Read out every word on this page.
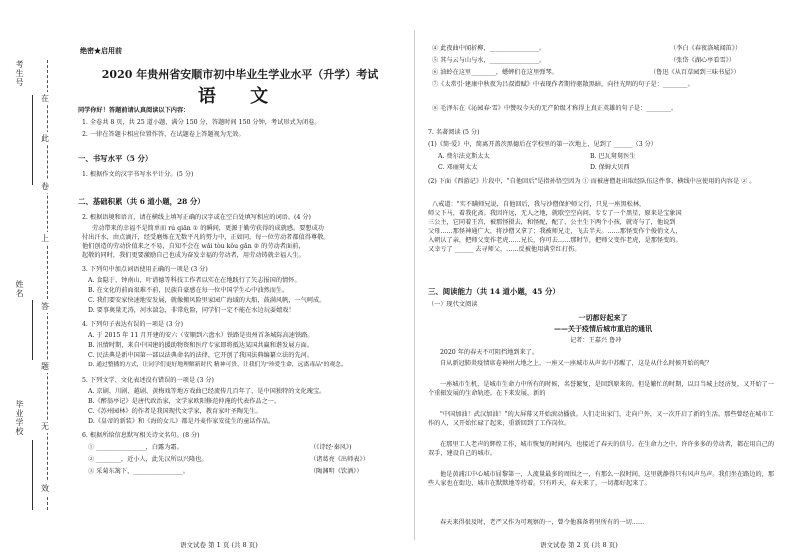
考生号
姓名
毕业学校
在
此
卷
上
答
题
无
效
绝密★启用前
2020 年贵州省安顺市初中毕业生学业水平（升学）考试
语 文
同学你好！答题前请认真阅读以下内容：
1. 全卷共 8 页，共 25 道小题，满分 150 分，答题时间 150 分钟，考试形式为闭卷。
2. 一律在答题卡相应位置作答，在试题卷上答题视为无效。
一、书写水平（5 分）
1. 根据作文的汉字书写水平计分。(5 分)
二、基础积累（共 6 道小题，28 分）
2. 根据语境和语言，请在横线上填写正确的汉字或在空白处填写相应的词语。(4 分)
劳动带来的幸福不是简单而 rú qiān ① 的瞬间，更源于勤劳获得的成就感。要想成功
付出汗水，由点滴汗，经受磨炼在无数平凡的努力中，正如同，每一位劳动者都值得尊敬。
他们创造的劳动价值来之不易，自知不会在 wǎi tòu kǒu gǎn ② 的劳动者面前，
起敬的同时，我们更要激励自己也成为奋发幸福的劳动者，用劳动铸就幸福人生。
3. 下列句中加点词语使用正确的一项是 (3 分)
A. 食隐于、钟南山，叶谱德等科技工作者以实在在地践行了矢志报国的情怀。
B. 在文化的前面很难不前，民族自豪感在每一位中国学生心中油然而生。
C. 我们要安家快速地安发展，就像搬风险里家园广海域的大船，鼓满风帆，一气呵成。
D. 要事奥量无涛，河水湍急，非常危险，同学们一定不能在水边玩耍嬉戏！
4. 下列句子表达有误的一项是 (3 分)
A. 于 2015 年 11 月开建的安六（安顺到六盘水）铁路是贵州首条城际高速铁路。
B. 汛情时期，来自中国建的援助物资和医疗专家即将抵达某国共赢和谐发展方面。
C. 民法典是新中国第一部以法典命名的法律，它开创了我国法典编纂立法的先河。
D. 通过整播的方式，让同学们更好地理解新时代 精神可贵，让我们为"珍爱生命，远离毒品"的观念。
5. 下列文学、文化表述没有错误的一项是 (3 分)
A. 京剧、川剧、越剧、黄梅戏等地方戏曲已经流传几百年了，是中国独特的文化瑰宝。
B.《醉翁亭记》是唐代政治家，文学家欧阳修范仲淹的代表作品之一。
C.《苏州园林》的作者是我国现代文学家，教育家叶圣陶先生。
D.《皇帝的新装》和《海的女儿》都是丹麦作家安徒生的童话作品。
6. 根据所给信息默写相关诗文名句。(8 分)
① ________________，白露为霜。	（《诗经·秦风》)
② ________，近小人，此先汉所以兴隆也。	（诸葛亮《出师表》）
③ 采菊东篱下，________________。	（陶渊明《饮酒》）
语文试卷 第 1 页 (共 8 页)
④ 此夜曲中闻折柳，________________。	（李白《春夜洛城闻笛》）
⑤ 其与云与山与水，________________。	（张岱《湖心亭看雪》）
⑥ 油蛉在这里________，蟋蟀们在这里弹琴。	（鲁迅《从百草园到三味书屋》）
⑦《太常引·建康中秋夜为吕叔潜赋》中表现作者期待驱散黑暗，向往光明的句子是：________。
⑧ 毛泽东在《沁园春·雪》中赞叹今天的无产阶级才称得上真正英雄的句子是：________。
7. 名著阅读 (5 分)
(1)《简·爱》中，简离开盖茨黑德后在学校里的第一次地上，见到了 ______（3 分）
A. 费尔法克斯太太	B. 巴瓦舅舅医生
C. 邓丽舅太太	D. 保姆大贝西
(2) 下面《西游记》片段中，"自他回后"是指孙悟空因为 ① 而被唐僧赶出取经队伍这件事，横线中应使用的内容是 ② 。
八戒道："实不瞒师兄说，自他回后，我与沙僧保护师父行，只见一座黑松林，
师父下马，着我化斋。我因许远，无人之地，就歇空空向问，专专了一个黑星，原来是宝象国
三公主，它同着王宫，被那怪摄去，和怪配，配了，公主生下两个小孩，就寄与了，他说到
父母……那怪神通广大，将沙僧又拿了；我被师兄走，飞去半天。……那怪变作个俊俏文人，
入朝认了亲，把师父变作老虎……兄长，你可去……那时节，把师父变作老虎，是那怪变的。
又幸亏了 ______ 去寻师父，……反被他用满堂红打伤。
三、阅读能力（共 14 道小题，45 分）
（一）现代文阅读
一切都好起来了
——关于疫情后城市重启的通讯
记者：王嘉兴 鲁冲
2020 年的春天不可阻挡地到来了。
自从新冠肺炎疫情席卷神州大地之上，一座又一座城市从声名中苏醒了，这是从什么时候开始的呢？
一座城市生机，是城市生命力中所有的时候，名誉繁复，是回到原来的。但是繁忙的时期，以目当城上经济复，又开始了一个重振发展的生命轨迹。在下来发展，新的
"中国加油！武汉加油！"的大屏幕又开始滚动播放。人们走出家门，走向户外，又一次开启了新的生活。那些曾经在城市工作的人，又开始忙碌了起来，重新回到了工作岗位。
在那里工人老声的辉煌工作，城市恢复的时间内，也接近了春天的信号。在生命力之中，许许多多的劳动者，都在用自己的双手，建设自己的城市。
他是黄浦江中心城市屈黎第一，人流量最多的周围之一，有那么一段时间，这里就静得只有风声鸟声。我们坐在路边的，那些人家也在街边，城市在默默地等待着。只有昨天，春天来了，一切都好起来了。
春天来得很及时，老严又作为可观察的一，曾令他准备将里所有的一切……
语文试卷 第 2 页 (共 8 页)
